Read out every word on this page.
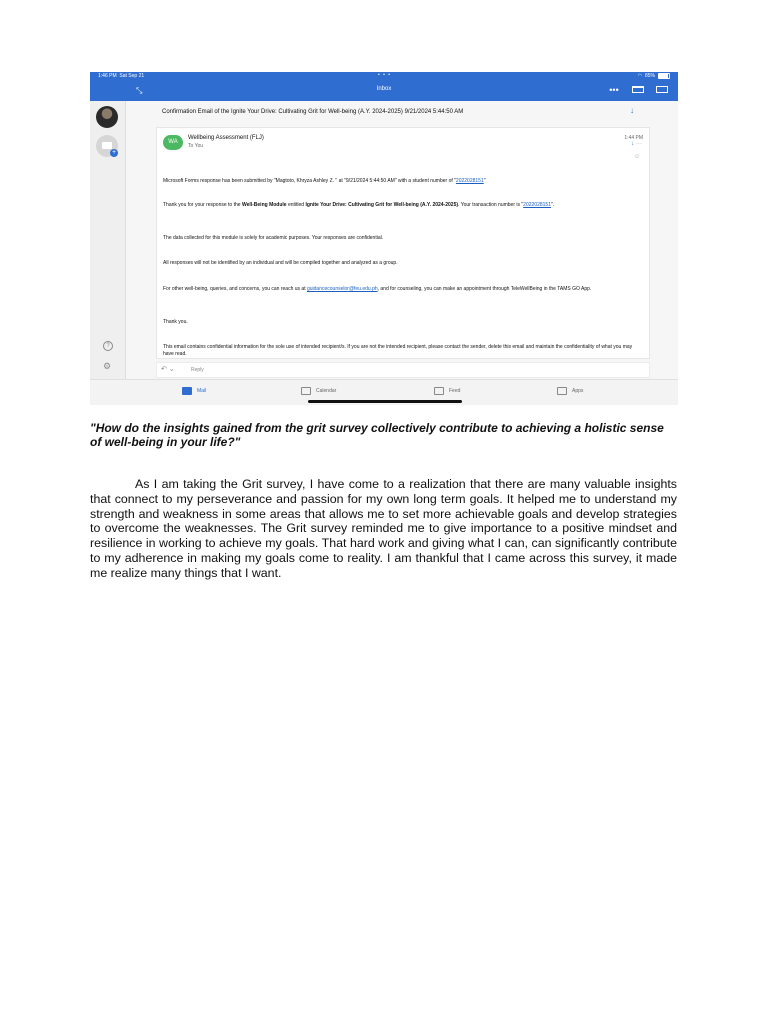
1:46 PM Sat Sep 21	• • •	◠ 85%
⤡	Inbox	•••
+
?
⚙
Confirmation Email of the Ignite Your Drive: Cultivating Grit for Well-being (A.Y. 2024-2025) 9/21/2024 5:44:50 AM	↓
WA
Wellbeing Assessment (FLJ)
To You
1:44 PM
↓ ···
☺
Microsoft Forms response has been submitted by "Magtoto, Khryza Ashley Z. " at "9/21/2024 5:44:50 AM" with a student number of "2022028151"
Thank you for your response to the Well-Being Module entitled Ignite Your Drive: Cultivating Grit for Well-being (A.Y. 2024-2025). Your transaction number is "2022028151".
The data collected for this module is solely for academic purposes. Your responses are confidential.
All responses will not be identified by an individual and will be compiled together and analyzed as a group.
For other well-being, queries, and concerns, you can reach us at guidancecounselor@feu.edu.ph, and for counseling, you can make an appointment through TeleWellBeing in the TAMS GO App.
Thank you.
This email contains confidential information for the sole use of intended recipient/s. If you are not the intended recipient, please contact the sender, delete this email and maintain the confidentiality of what you may have read.
↶ ⌄	Reply
Mail	Calendar	Feed	Apps

"How do the insights gained from the grit survey collectively contribute to achieving a holistic sense of well-being in your life?"

As I am taking the Grit survey, I have come to a realization that there are many valuable insights that connect to my perseverance and passion for my own long term goals. It helped me to understand my strength and weakness in some areas that allows me to set more achievable goals and develop strategies to overcome the weaknesses. The Grit survey reminded me to give importance to a positive mindset and resilience in working to achieve my goals. That hard work and giving what I can, can significantly contribute to my adherence in making my goals come to reality. I am thankful that I came across this survey, it made me realize many things that I want.
